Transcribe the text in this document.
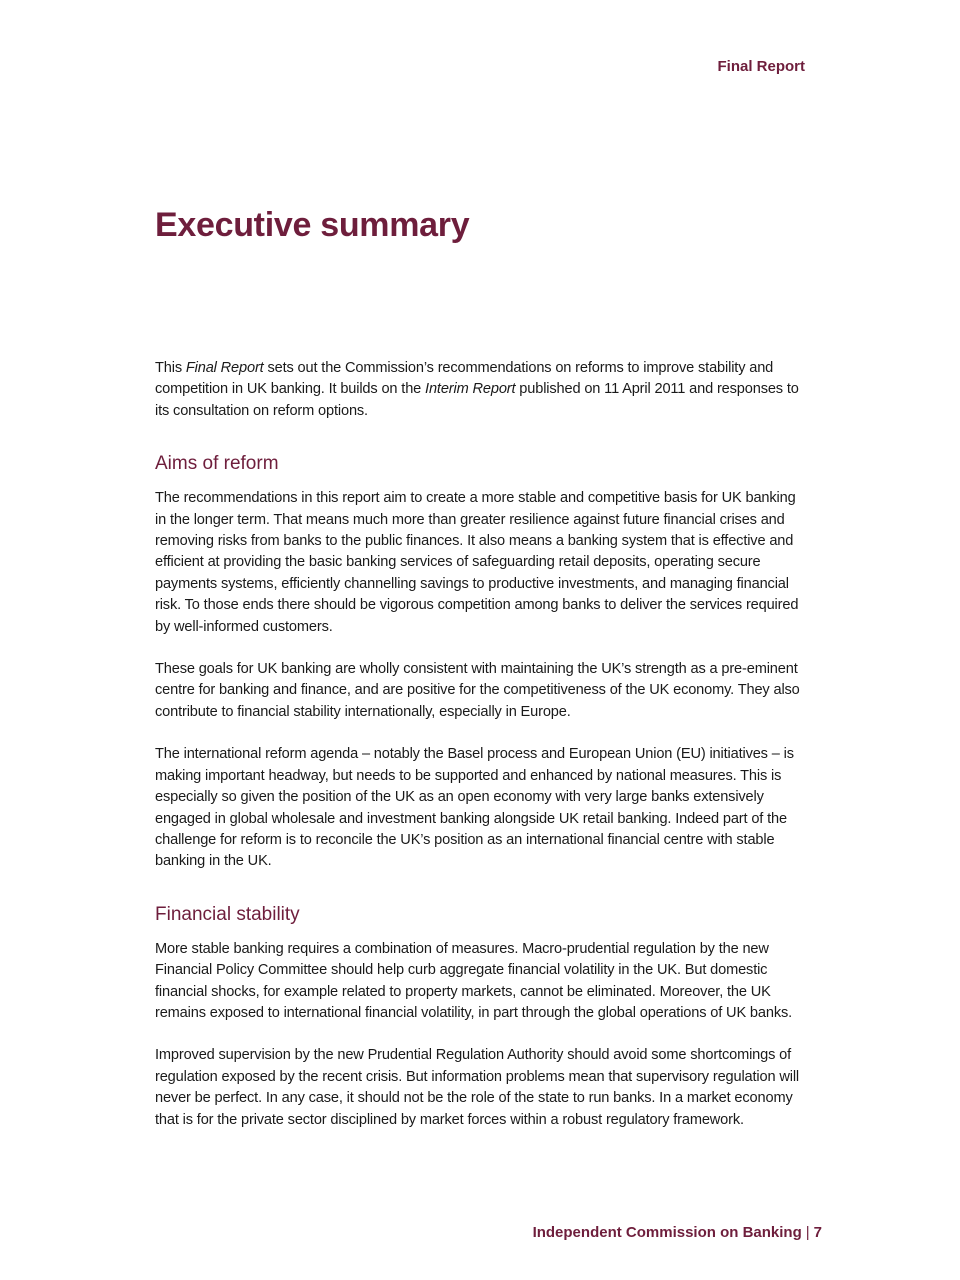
Final Report
Executive summary

This Final Report sets out the Commission’s recommendations on reforms to improve stability and competition in UK banking. It builds on the Interim Report published on 11 April 2011 and responses to its consultation on reform options.

Aims of reform

The recommendations in this report aim to create a more stable and competitive basis for UK banking in the longer term. That means much more than greater resilience against future financial crises and removing risks from banks to the public finances. It also means a banking system that is effective and efficient at providing the basic banking services of safeguarding retail deposits, operating secure payments systems, efficiently channelling savings to productive investments, and managing financial risk. To those ends there should be vigorous competition among banks to deliver the services required by well-informed customers.

These goals for UK banking are wholly consistent with maintaining the UK’s strength as a pre-eminent centre for banking and finance, and are positive for the competitiveness of the UK economy. They also contribute to financial stability internationally, especially in Europe.

The international reform agenda – notably the Basel process and European Union (EU) initiatives – is making important headway, but needs to be supported and enhanced by national measures. This is especially so given the position of the UK as an open economy with very large banks extensively engaged in global wholesale and investment banking alongside UK retail banking. Indeed part of the challenge for reform is to reconcile the UK’s position as an international financial centre with stable banking in the UK.

Financial stability

More stable banking requires a combination of measures. Macro-prudential regulation by the new Financial Policy Committee should help curb aggregate financial volatility in the UK. But domestic financial shocks, for example related to property markets, cannot be eliminated. Moreover, the UK remains exposed to international financial volatility, in part through the global operations of UK banks.

Improved supervision by the new Prudential Regulation Authority should avoid some shortcomings of regulation exposed by the recent crisis. But information problems mean that supervisory regulation will never be perfect. In any case, it should not be the role of the state to run banks. In a market economy that is for the private sector disciplined by market forces within a robust regulatory framework.

Independent Commission on Banking | 7
